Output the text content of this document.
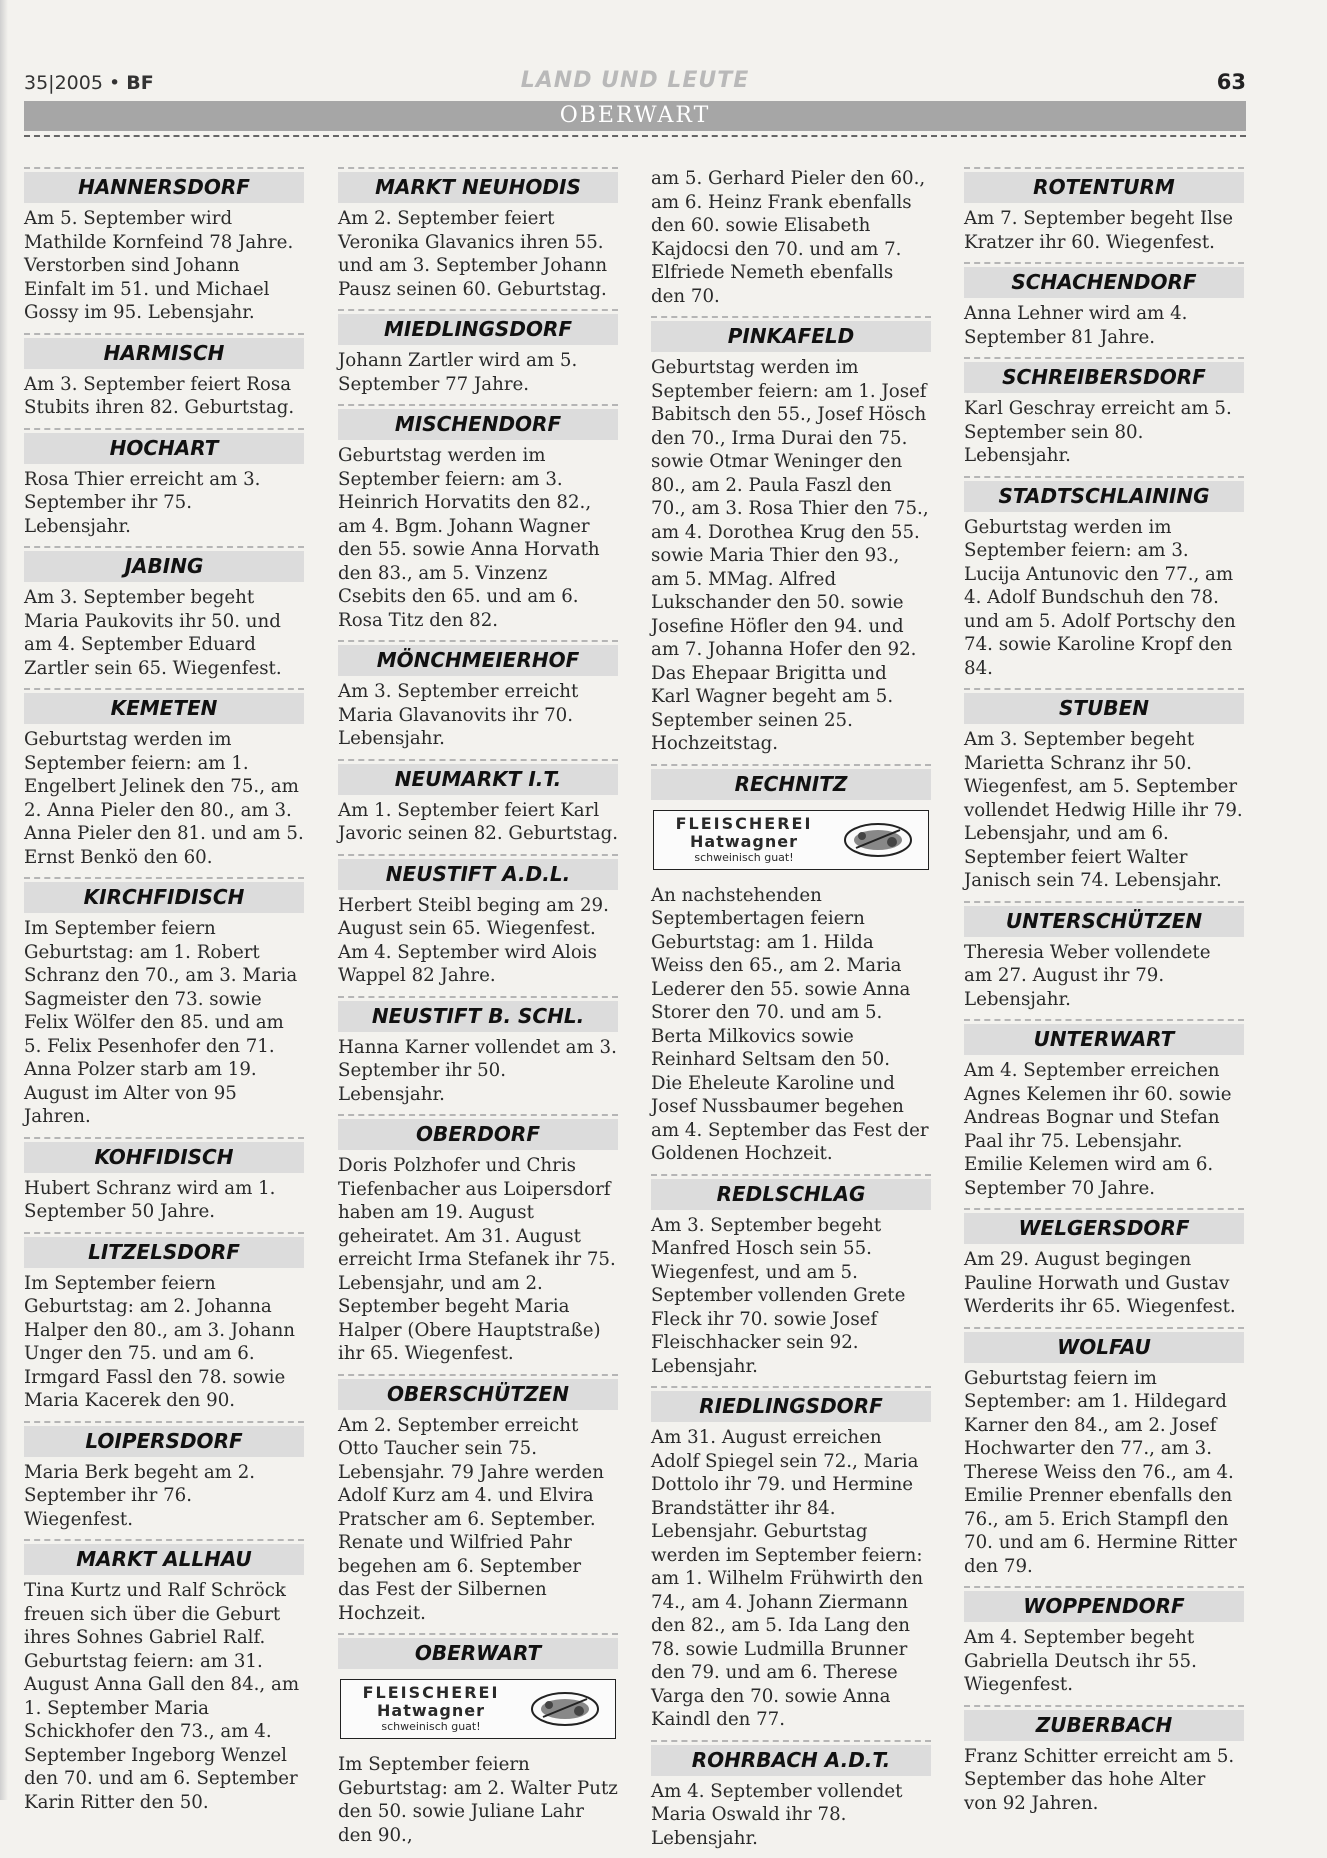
35|2005 • BF	LAND UND LEUTE	63
OBERWART
HANNERSDORF

Am 5. September wird Mathilde Kornfeind 78 Jahre. Verstorben sind Johann Einfalt im 51. und Michael Gossy im 95. Lebensjahr.

HARMISCH

Am 3. September feiert Rosa Stubits ihren 82. Geburtstag.

HOCHART

Rosa Thier erreicht am 3. September ihr 75. Lebensjahr.

JABING

Am 3. September begeht Maria Paukovits ihr 50. und am 4. September Eduard Zartler sein 65. Wiegenfest.

KEMETEN

Geburtstag werden im September feiern: am 1. Engelbert Jelinek den 75., am 2. Anna Pieler den 80., am 3. Anna Pieler den 81. und am 5. Ernst Benkö den 60.

KIRCHFIDISCH

Im September feiern Geburtstag: am 1. Robert Schranz den 70., am 3. Maria Sagmeister den 73. sowie Felix Wölfer den 85. und am 5. Felix Pesenhofer den 71.

Anna Polzer starb am 19. August im Alter von 95 Jahren.

KOHFIDISCH

Hubert Schranz wird am 1. September 50 Jahre.

LITZELSDORF

Im September feiern Geburtstag: am 2. Johanna Halper den 80., am 3. Johann Unger den 75. und am 6. Irmgard Fassl den 78. sowie Maria Kacerek den 90.

LOIPERSDORF

Maria Berk begeht am 2. September ihr 76. Wiegenfest.

MARKT ALLHAU

Tina Kurtz und Ralf Schröck freuen sich über die Geburt ihres Sohnes Gabriel Ralf.

Geburtstag feiern: am 31. August Anna Gall den 84., am 1. September Maria Schickhofer den 73., am 4. September Ingeborg Wenzel den 70. und am 6. September Karin Ritter den 50.

MARKT NEUHODIS

Am 2. September feiert Veronika Glavanics ihren 55. und am 3. September Johann Pausz seinen 60. Geburtstag.

MIEDLINGSDORF

Johann Zartler wird am 5. September 77 Jahre.

MISCHENDORF

Geburtstag werden im September feiern: am 3. Heinrich Horvatits den 82., am 4. Bgm. Johann Wagner den 55. sowie Anna Horvath den 83., am 5. Vinzenz Csebits den 65. und am 6. Rosa Titz den 82.

MÖNCHMEIERHOF

Am 3. September erreicht Maria Glavanovits ihr 70. Lebensjahr.

NEUMARKT I.T.

Am 1. September feiert Karl Javoric seinen 82. Geburtstag.

NEUSTIFT A.D.L.

Herbert Steibl beging am 29. August sein 65. Wiegenfest. Am 4. September wird Alois Wappel 82 Jahre.

NEUSTIFT B. SCHL.

Hanna Karner vollendet am 3. September ihr 50. Lebensjahr.

OBERDORF

Doris Polzhofer und Chris Tiefenbacher aus Loipersdorf haben am 19. August geheiratet. Am 31. August erreicht Irma Stefanek ihr 75. Lebensjahr, und am 2. September begeht Maria Halper (Obere Hauptstraße) ihr 65. Wiegenfest.

OBERSCHÜTZEN

Am 2. September erreicht Otto Taucher sein 75. Lebensjahr. 79 Jahre werden Adolf Kurz am 4. und Elvira Pratscher am 6. September.

Renate und Wilfried Pahr begehen am 6. September das Fest der Silbernen Hochzeit.

OBERWART
FLEISCHEREI
Hatwagner
schweinisch guat!

Im September feiern Geburtstag: am 2. Walter Putz den 50. sowie Juliane Lahr den 90.,

am 5. Gerhard Pieler den 60., am 6. Heinz Frank ebenfalls den 60. sowie Elisabeth Kajdocsi den 70. und am 7. Elfriede Nemeth ebenfalls den 70.

PINKAFELD

Geburtstag werden im September feiern: am 1. Josef Babitsch den 55., Josef Hösch den 70., Irma Durai den 75. sowie Otmar Weninger den 80., am 2. Paula Faszl den 70., am 3. Rosa Thier den 75., am 4. Dorothea Krug den 55. sowie Maria Thier den 93., am 5. MMag. Alfred Lukschander den 50. sowie Josefine Höfler den 94. und am 7. Johanna Hofer den 92.

Das Ehepaar Brigitta und Karl Wagner begeht am 5. September seinen 25. Hochzeitstag.

RECHNITZ
FLEISCHEREI
Hatwagner
schweinisch guat!

An nachstehenden Septembertagen feiern Geburtstag: am 1. Hilda Weiss den 65., am 2. Maria Lederer den 55. sowie Anna Storer den 70. und am 5. Berta Milkovics sowie Reinhard Seltsam den 50.

Die Eheleute Karoline und Josef Nussbaumer begehen am 4. September das Fest der Goldenen Hochzeit.

REDLSCHLAG

Am 3. September begeht Manfred Hosch sein 55. Wiegenfest, und am 5. September vollenden Grete Fleck ihr 70. sowie Josef Fleischhacker sein 92. Lebensjahr.

RIEDLINGSDORF

Am 31. August erreichen Adolf Spiegel sein 72., Maria Dottolo ihr 79. und Hermine Brandstätter ihr 84. Lebensjahr. Geburtstag werden im September feiern: am 1. Wilhelm Frühwirth den 74., am 4. Johann Ziermann den 82., am 5. Ida Lang den 78. sowie Ludmilla Brunner den 79. und am 6. Therese Varga den 70. sowie Anna Kaindl den 77.

ROHRBACH A.D.T.

Am 4. September vollendet Maria Oswald ihr 78. Lebensjahr.

ROTENTURM

Am 7. September begeht Ilse Kratzer ihr 60. Wiegenfest.

SCHACHENDORF

Anna Lehner wird am 4. September 81 Jahre.

SCHREIBERSDORF

Karl Geschray erreicht am 5. September sein 80. Lebensjahr.

STADTSCHLAINING

Geburtstag werden im September feiern: am 3. Lucija Antunovic den 77., am 4. Adolf Bundschuh den 78. und am 5. Adolf Portschy den 74. sowie Karoline Kropf den 84.

STUBEN

Am 3. September begeht Marietta Schranz ihr 50. Wiegenfest, am 5. September vollendet Hedwig Hille ihr 79. Lebensjahr, und am 6. September feiert Walter Janisch sein 74. Lebensjahr.

UNTERSCHÜTZEN

Theresia Weber vollendete am 27. August ihr 79. Lebensjahr.

UNTERWART

Am 4. September erreichen Agnes Kelemen ihr 60. sowie Andreas Bognar und Stefan Paal ihr 75. Lebensjahr. Emilie Kelemen wird am 6. September 70 Jahre.

WELGERSDORF

Am 29. August begingen Pauline Horwath und Gustav Werderits ihr 65. Wiegenfest.

WOLFAU

Geburtstag feiern im September: am 1. Hildegard Karner den 84., am 2. Josef Hochwarter den 77., am 3. Therese Weiss den 76., am 4. Emilie Prenner ebenfalls den 76., am 5. Erich Stampfl den 70. und am 6. Hermine Ritter den 79.

WOPPENDORF

Am 4. September begeht Gabriella Deutsch ihr 55. Wiegenfest.

ZUBERBACH

Franz Schitter erreicht am 5. September das hohe Alter von 92 Jahren.
